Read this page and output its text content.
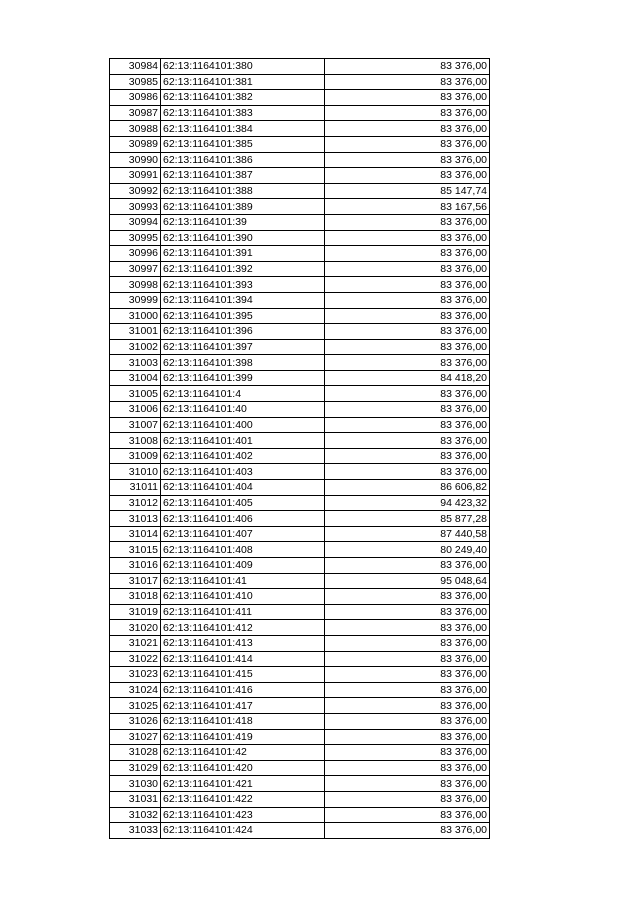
30984	62:13:1164101:380	83 376,00
30985	62:13:1164101:381	83 376,00
30986	62:13:1164101:382	83 376,00
30987	62:13:1164101:383	83 376,00
30988	62:13:1164101:384	83 376,00
30989	62:13:1164101:385	83 376,00
30990	62:13:1164101:386	83 376,00
30991	62:13:1164101:387	83 376,00
30992	62:13:1164101:388	85 147,74
30993	62:13:1164101:389	83 167,56
30994	62:13:1164101:39	83 376,00
30995	62:13:1164101:390	83 376,00
30996	62:13:1164101:391	83 376,00
30997	62:13:1164101:392	83 376,00
30998	62:13:1164101:393	83 376,00
30999	62:13:1164101:394	83 376,00
31000	62:13:1164101:395	83 376,00
31001	62:13:1164101:396	83 376,00
31002	62:13:1164101:397	83 376,00
31003	62:13:1164101:398	83 376,00
31004	62:13:1164101:399	84 418,20
31005	62:13:1164101:4	83 376,00
31006	62:13:1164101:40	83 376,00
31007	62:13:1164101:400	83 376,00
31008	62:13:1164101:401	83 376,00
31009	62:13:1164101:402	83 376,00
31010	62:13:1164101:403	83 376,00
31011	62:13:1164101:404	86 606,82
31012	62:13:1164101:405	94 423,32
31013	62:13:1164101:406	85 877,28
31014	62:13:1164101:407	87 440,58
31015	62:13:1164101:408	80 249,40
31016	62:13:1164101:409	83 376,00
31017	62:13:1164101:41	95 048,64
31018	62:13:1164101:410	83 376,00
31019	62:13:1164101:411	83 376,00
31020	62:13:1164101:412	83 376,00
31021	62:13:1164101:413	83 376,00
31022	62:13:1164101:414	83 376,00
31023	62:13:1164101:415	83 376,00
31024	62:13:1164101:416	83 376,00
31025	62:13:1164101:417	83 376,00
31026	62:13:1164101:418	83 376,00
31027	62:13:1164101:419	83 376,00
31028	62:13:1164101:42	83 376,00
31029	62:13:1164101:420	83 376,00
31030	62:13:1164101:421	83 376,00
31031	62:13:1164101:422	83 376,00
31032	62:13:1164101:423	83 376,00
31033	62:13:1164101:424	83 376,00
